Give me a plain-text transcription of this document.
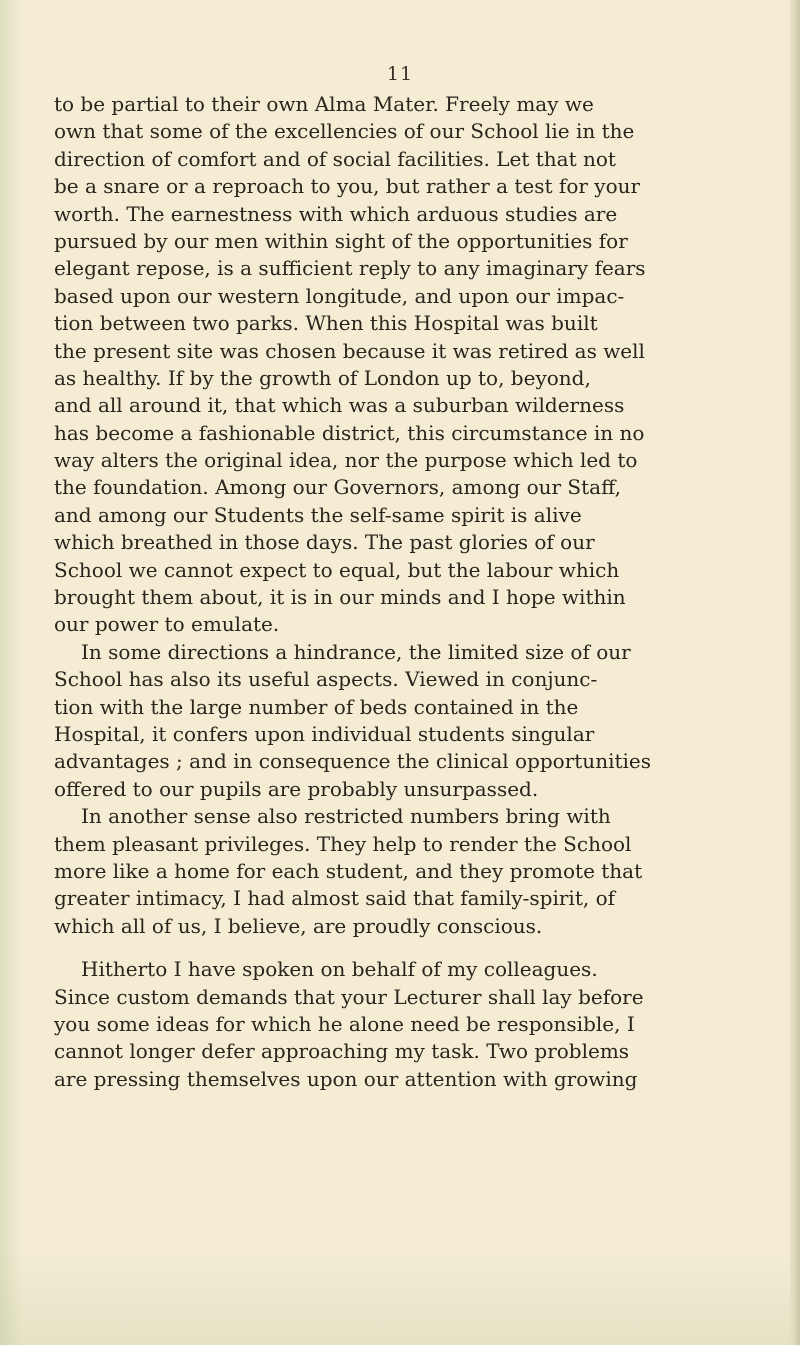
11
to be partial to their own Alma Mater. Freely may we
own that some of the excellencies of our School lie in the
direction of comfort and of social facilities. Let that not
be a snare or a reproach to you, but rather a test for your
worth. The earnestness with which arduous studies are
pursued by our men within sight of the opportunities for
elegant repose, is a sufficient reply to any imaginary fears
based upon our western longitude, and upon our impac-
tion between two parks. When this Hospital was built
the present site was chosen because it was retired as well
as healthy. If by the growth of London up to, beyond,
and all around it, that which was a suburban wilderness
has become a fashionable district, this circumstance in no
way alters the original idea, nor the purpose which led to
the foundation. Among our Governors, among our Staff,
and among our Students the self-same spirit is alive
which breathed in those days. The past glories of our
School we cannot expect to equal, but the labour which
brought them about, it is in our minds and I hope within
our power to emulate.
In some directions a hindrance, the limited size of our
School has also its useful aspects. Viewed in conjunc-
tion with the large number of beds contained in the
Hospital, it confers upon individual students singular
advantages ; and in consequence the clinical opportunities
offered to our pupils are probably unsurpassed.
In another sense also restricted numbers bring with
them pleasant privileges. They help to render the School
more like a home for each student, and they promote that
greater intimacy, I had almost said that family-spirit, of
which all of us, I believe, are proudly conscious.
Hitherto I have spoken on behalf of my colleagues.
Since custom demands that your Lecturer shall lay before
you some ideas for which he alone need be responsible, I
cannot longer defer approaching my task. Two problems
are pressing themselves upon our attention with growing
